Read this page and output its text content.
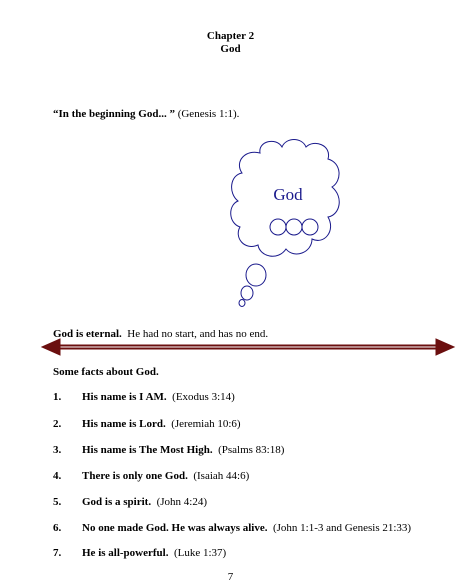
Chapter 2
God
“In the beginning God... ” (Genesis 1:1).
God
God is eternal. He had no start, and has no end.
Some facts about God.
1. His name is I AM. (Exodus 3:14)
2. His name is Lord. (Jeremiah 10:6)
3. His name is The Most High. (Psalms 83:18)
4. There is only one God. (Isaiah 44:6)
5. God is a spirit. (John 4:24)
6. No one made God. He was always alive. (John 1:1-3 and Genesis 21:33)
7. He is all-powerful. (Luke 1:37)
7
